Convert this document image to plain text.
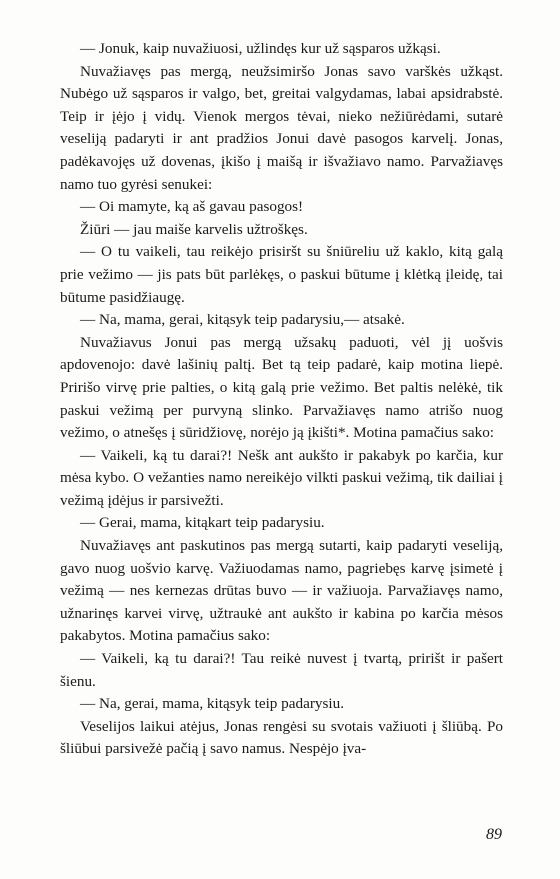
— Jonuk, kaip nuvažiuosi, užlindęs kur už sąsparos užkąsi.

Nuvažiavęs pas mergą, neužsimiršo Jonas savo varškės užkąst. Nubėgo už sąsparos ir valgo, bet, greitai valgydamas, labai apsidrabstė. Teip ir įėjo į vidų. Vienok mergos tėvai, nieko nežiūrėdami, sutarė veseliją padaryti ir ant pradžios Jonui davė pasogos karvelį. Jonas, padėkavojęs už dovenas, įkišo į maišą ir išvažiavo namo. Parvažiavęs namo tuo gyrėsi senukei:

— Oi mamyte, ką aš gavau pasogos!

Žiūri — jau maiše karvelis užtroškęs.

— O tu vaikeli, tau reikėjo prisiršt su šniūreliu už kaklo, kitą galą prie vežimo — jis pats būt parlėkęs, o paskui būtume į klėtką įleidę, tai būtume pasidžiaugę.

— Na, mama, gerai, kitąsyk teip padarysiu,— atsakė.

Nuvažiavus Jonui pas mergą užsakų paduoti, vėl jį uošvis apdovenojo: davė lašinių paltį. Bet tą teip padarė, kaip motina liepė. Pririšo virvę prie palties, o kitą galą prie vežimo. Bet paltis nelėkė, tik paskui vežimą per purvyną slinko. Parvažiavęs namo atrišo nuog vežimo, o atnešęs į sūridžiovę, norėjo ją įkišti*. Motina pamačius sako:

— Vaikeli, ką tu darai?! Nešk ant aukšto ir pakabyk po karčia, kur mėsa kybo. O vežanties namo nereikėjo vilkti paskui vežimą, tik dailiai į vežimą įdėjus ir parsivežti.

— Gerai, mama, kitąkart teip padarysiu.

Nuvažiavęs ant paskutinos pas mergą sutarti, kaip padaryti veseliją, gavo nuog uošvio karvę. Važiuodamas namo, pagriebęs karvę įsimetė į vežimą — nes kernezas drūtas buvo — ir važiuoja. Parvažiavęs namo, užnarinęs karvei virvę, užtraukė ant aukšto ir kabina po karčia mėsos pakabytos. Motina pamačius sako:

— Vaikeli, ką tu darai?! Tau reikė nuvest į tvartą, pririšt ir pašert šienu.

— Na, gerai, mama, kitąsyk teip padarysiu.

Veselijos laikui atėjus, Jonas rengėsi su svotais važiuoti į šliūbą. Po šliūbui parsivežė pačią į savo namus. Nespėjo įva-

89
